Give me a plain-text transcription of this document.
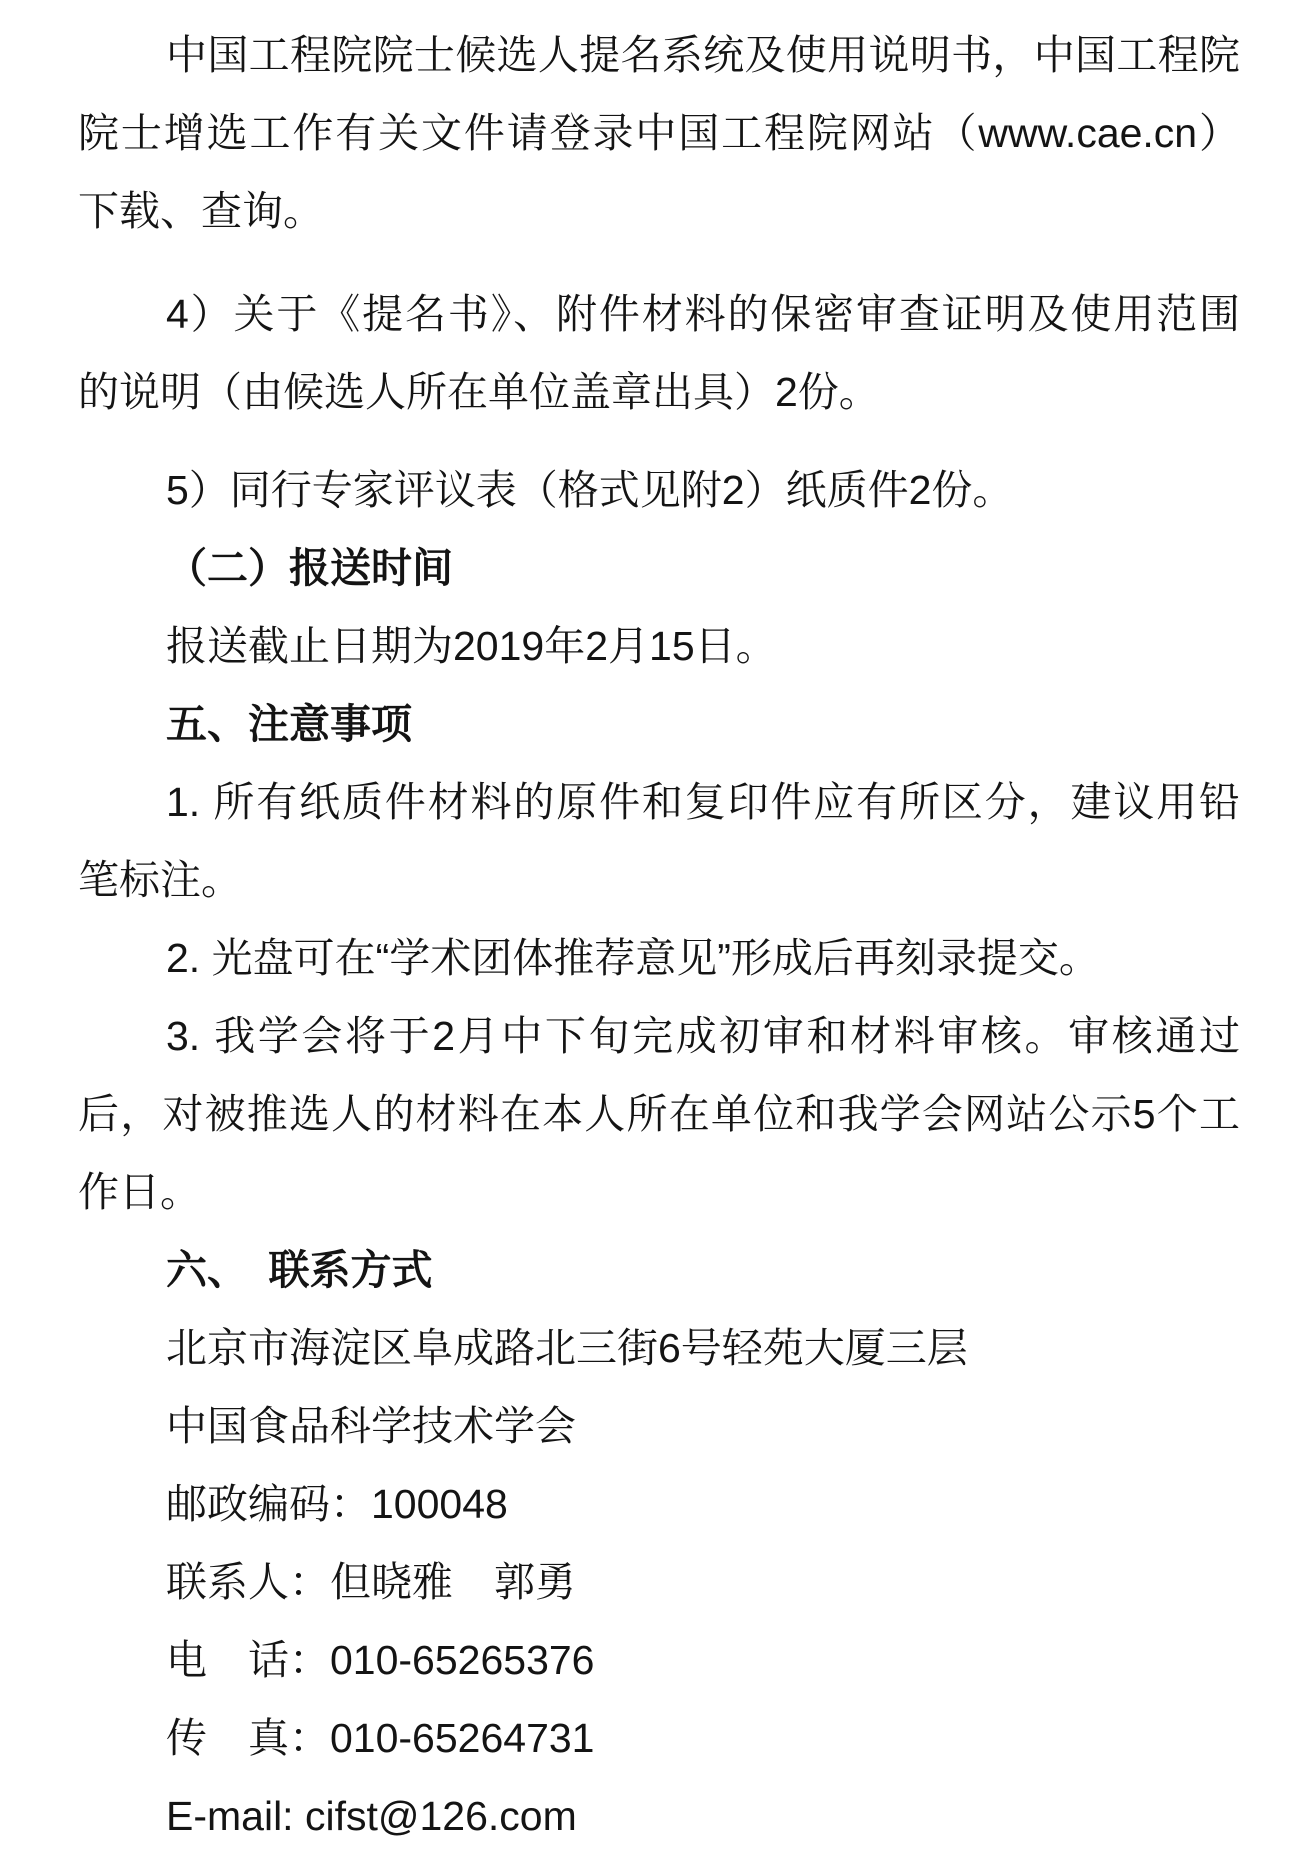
中国工程院院士候选人提名系统及使用说明书，中国工程院
院士增选工作有关文件请登录中国工程院网站（www.cae.cn）
下载、查询。
4）关于《提名书》、附件材料的保密审查证明及使用范围
的说明（由候选人所在单位盖章出具）2份。
5）同行专家评议表（格式见附2）纸质件2份。
（二）报送时间
报送截止日期为2019年2月15日。
五、注意事项
1. 所有纸质件材料的原件和复印件应有所区分，建议用铅
笔标注。
2. 光盘可在“学术团体推荐意见”形成后再刻录提交。
3. 我学会将于2月中下旬完成初审和材料审核。审核通过
后，对被推选人的材料在本人所在单位和我学会网站公示5个工
作日。
六、　联系方式
北京市海淀区阜成路北三街6号轻苑大厦三层
中国食品科学技术学会
邮政编码：100048
联系人：但晓雅　郭勇
电　话：010-65265376
传　真：010-65264731
E-mail: cifst@126.com
